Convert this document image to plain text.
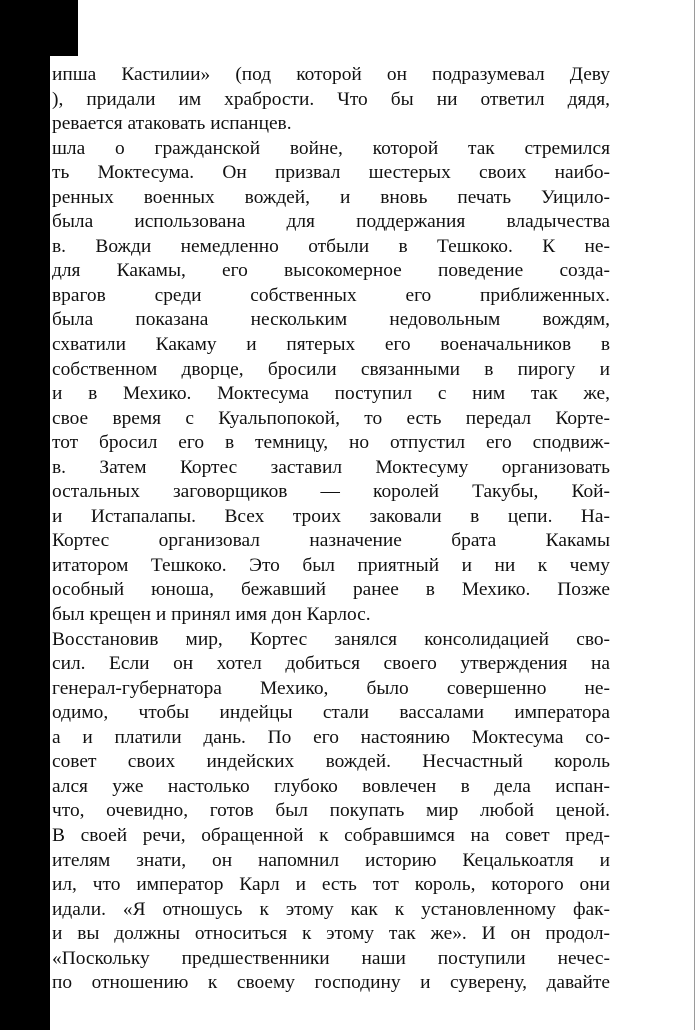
ипша Кастилии» (под которой он подразумевал Деву
), придали им храбрости. Что бы ни ответил дядя,
ревается атаковать испанцев.
шла о гражданской войне, которой так стремился
ть Моктесума. Он призвал шестерых своих наибо-
ренных военных вождей, и вновь печать Уицило-
была использована для поддержания владычества
в. Вожди немедленно отбыли в Тешкоко. К не-
для Какамы, его высокомерное поведение созда-
врагов среди собственных его приближенных.
была показана нескольким недовольным вождям,
схватили Какаму и пятерых его военачальников в
собственном дворце, бросили связанными в пирогу и
и в Мехико. Моктесума поступил с ним так же,
свое время с Куальпопокой, то есть передал Корте-
тот бросил его в темницу, но отпустил его сподвиж-
в. Затем Кортес заставил Моктесуму организовать
остальных заговорщиков — королей Такубы, Кой-
и Истапалапы. Всех троих заковали в цепи. На-
Кортес организовал назначение брата Какамы
итатором Тешкоко. Это был приятный и ни к чему
особный юноша, бежавший ранее в Мехико. Позже
был крещен и принял имя дон Карлос.
Восстановив мир, Кортес занялся консолидацией сво-
сил. Если он хотел добиться своего утверждения на
генерал-губернатора Мехико, было совершенно не-
одимо, чтобы индейцы стали вассалами императора
а и платили дань. По его настоянию Моктесума со-
совет своих индейских вождей. Несчастный король
ался уже настолько глубоко вовлечен в дела испан-
что, очевидно, готов был покупать мир любой ценой.
В своей речи, обращенной к собравшимся на совет пред-
ителям знати, он напомнил историю Кецалькоатля и
ил, что император Карл и есть тот король, которого они
идали. «Я отношусь к этому как к установленному фак-
и вы должны относиться к этому так же». И он продол-
«Поскольку предшественники наши поступили нечес-
по отношению к своему господину и суверену, давайте
